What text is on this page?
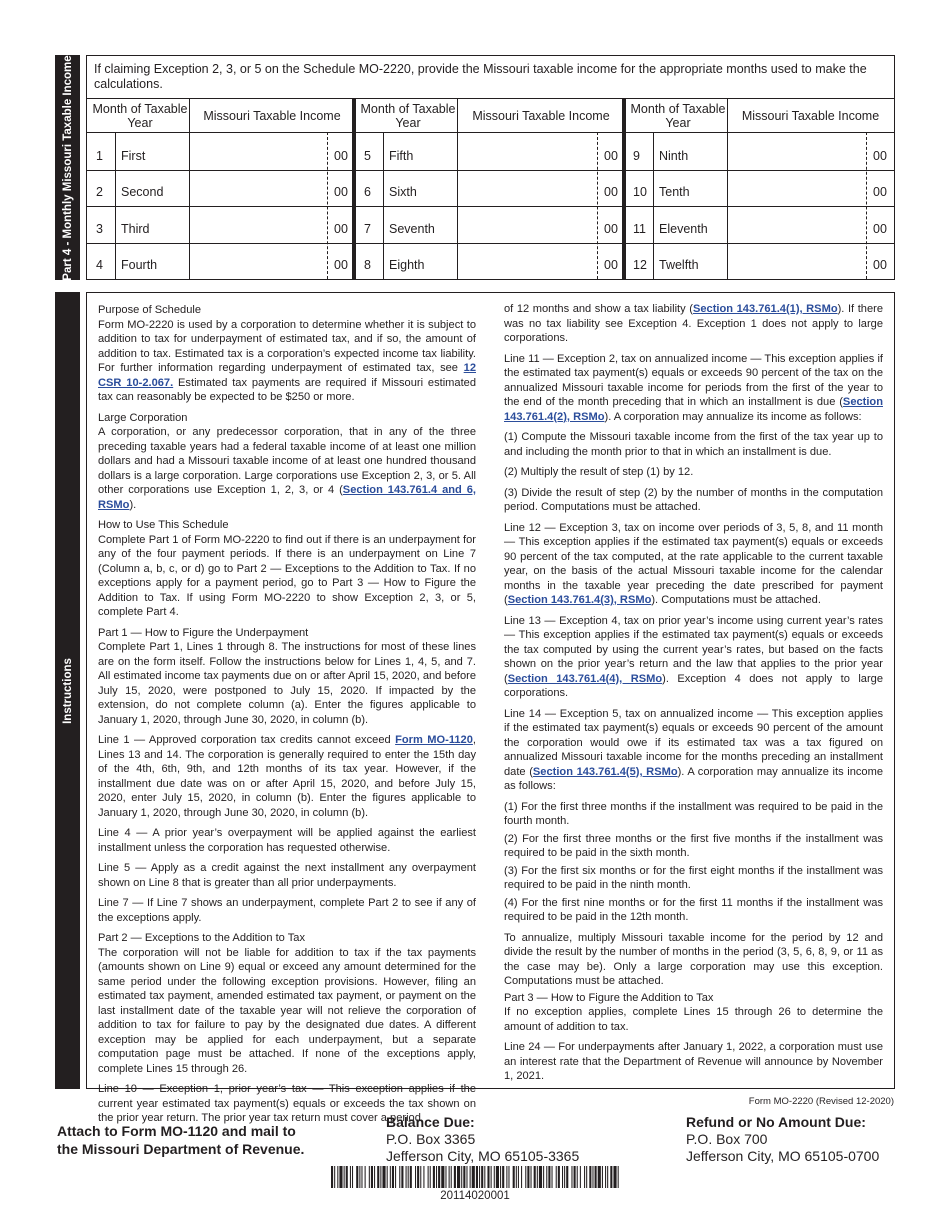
Part 4 - Monthly Missouri Taxable Income If claiming Exception 2, 3, or 5 on the Schedule MO-2220, provide the Missouri taxable income for the appropriate months used to make the calculations.
Month of Taxable Year	Missouri Taxable Income
1 First	00
2 Second	00
3 Third	00
4 Fourth	00
Month of Taxable Year	Missouri Taxable Income
5 Fifth	00
6 Sixth	00
7 Seventh	00
8 Eighth	00
Month of Taxable Year	Missouri Taxable Income
9 Ninth	00
10 Tenth	00
11 Eleventh	00
12 Twelfth	00
Instructions
Purpose of Schedule

Form MO-2220 is used by a corporation to determine whether it is subject to addition to tax for underpayment of estimated tax, and if so, the amount of addition to tax. Estimated tax is a corporation’s expected income tax liability. For further information regarding underpayment of estimated tax, see 12 CSR 10-2.067. Estimated tax payments are required if Missouri estimated tax can reasonably be expected to be $250 or more.

Large Corporation

A corporation, or any predecessor corporation, that in any of the three preceding taxable years had a federal taxable income of at least one million dollars and had a Missouri taxable income of at least one hundred thousand dollars is a large corporation. Large corporations use Exception 2, 3, or 5. All other corporations use Exception 1, 2, 3, or 4 (Section 143.761.4 and 6, RSMo).

How to Use This Schedule

Complete Part 1 of Form MO-2220 to find out if there is an underpayment for any of the four payment periods. If there is an underpayment on Line 7 (Column a, b, c, or d) go to Part 2 — Exceptions to the Addition to Tax. If no exceptions apply for a payment period, go to Part 3 — How to Figure the Addition to Tax. If using Form MO-2220 to show Exception 2, 3, or 5, complete Part 4.

Part 1 — How to Figure the Underpayment

Complete Part 1, Lines 1 through 8. The instructions for most of these lines are on the form itself. Follow the instructions below for Lines 1, 4, 5, and 7. All estimated income tax payments due on or after April 15, 2020, and before July 15, 2020, were postponed to July 15, 2020. If impacted by the extension, do not complete column (a). Enter the figures applicable to January 1, 2020, through June 30, 2020, in column (b).

Line 1 — Approved corporation tax credits cannot exceed Form MO-1120, Lines 13 and 14. The corporation is generally required to enter the 15th day of the 4th, 6th, 9th, and 12th months of its tax year. However, if the installment due date was on or after April 15, 2020, and before July 15, 2020, enter July 15, 2020, in column (b). Enter the figures applicable to January 1, 2020, through June 30, 2020, in column (b).

Line 4 — A prior year’s overpayment will be applied against the earliest installment unless the corporation has requested otherwise.

Line 5 — Apply as a credit against the next installment any overpayment shown on Line 8 that is greater than all prior underpayments.

Line 7 — If Line 7 shows an underpayment, complete Part 2 to see if any of the exceptions apply.

Part 2 — Exceptions to the Addition to Tax

The corporation will not be liable for addition to tax if the tax payments (amounts shown on Line 9) equal or exceed any amount determined for the same period under the following exception provisions. However, filing an estimated tax payment, amended estimated tax payment, or payment on the last installment date of the taxable year will not relieve the corporation of addition to tax for failure to pay by the designated due dates. A different exception may be applied for each underpayment, but a separate computation page must be attached. If none of the exceptions apply, complete Lines 15 through 26.

Line 10 — Exception 1, prior year’s tax — This exception applies if the current year estimated tax payment(s) equals or exceeds the tax shown on the prior year return. The prior year tax return must cover a period

of 12 months and show a tax liability (Section 143.761.4(1), RSMo). If there was no tax liability see Exception 4. Exception 1 does not apply to large corporations.

Line 11 — Exception 2, tax on annualized income — This exception applies if the estimated tax payment(s) equals or exceeds 90 percent of the tax on the annualized Missouri taxable income for periods from the first of the year to the end of the month preceding that in which an installment is due (Section 143.761.4(2), RSMo). A corporation may annualize its income as follows:

(1) Compute the Missouri taxable income from the first of the tax year up to and including the month prior to that in which an installment is due.

(2) Multiply the result of step (1) by 12.

(3) Divide the result of step (2) by the number of months in the computation period. Computations must be attached.

Line 12 — Exception 3, tax on income over periods of 3, 5, 8, and 11 month — This exception applies if the estimated tax payment(s) equals or exceeds 90 percent of the tax computed, at the rate applicable to the current taxable year, on the basis of the actual Missouri taxable income for the calendar months in the taxable year preceding the date prescribed for payment (Section 143.761.4(3), RSMo). Computations must be attached.

Line 13 — Exception 4, tax on prior year’s income using current year’s rates — This exception applies if the estimated tax payment(s) equals or exceeds the tax computed by using the current year’s rates, but based on the facts shown on the prior year’s return and the law that applies to the prior year (Section 143.761.4(4), RSMo). Exception 4 does not apply to large corporations.

Line 14 — Exception 5, tax on annualized income — This exception applies if the estimated tax payment(s) equals or exceeds 90 percent of the amount the corporation would owe if its estimated tax was a tax figured on annualized Missouri taxable income for the months preceding an installment date (Section 143.761.4(5), RSMo). A corporation may annualize its income as follows:

(1) For the first three months if the installment was required to be paid in the fourth month.

(2) For the first three months or the first five months if the installment was required to be paid in the sixth month.

(3) For the first six months or for the first eight months if the installment was required to be paid in the ninth month.

(4) For the first nine months or for the first 11 months if the installment was required to be paid in the 12th month.

To annualize, multiply Missouri taxable income for the period by 12 and divide the result by the number of months in the period (3, 5, 6, 8, 9, or 11 as the case may be). Only a large corporation may use this exception. Computations must be attached.

Part 3 — How to Figure the Addition to Tax

If no exception applies, complete Lines 15 through 26 to determine the amount of addition to tax.

Line 24 — For underpayments after January 1, 2022, a corporation must use an interest rate that the Department of Revenue will announce by November 1, 2021.

Form MO-2220 (Revised 12-2020)
Attach to Form MO-1120 and mail to
the Missouri Department of Revenue.
Balance Due:
P.O. Box 3365
Jefferson City, MO 65105-3365
Refund or No Amount Due:
P.O. Box 700
Jefferson City, MO 65105-0700
20114020001
